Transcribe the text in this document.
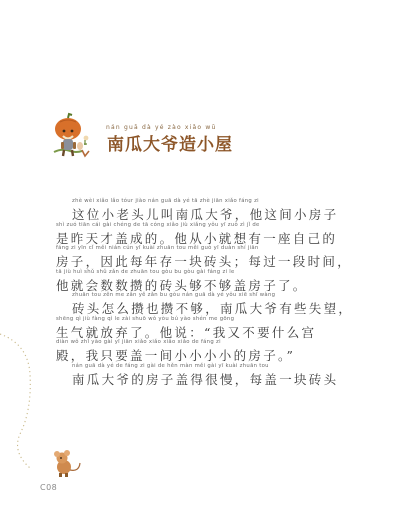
nán guā dà yé zào xiǎo wū
南瓜大爷造小屋
zhè wèi xiǎo lǎo tóur jiào nán guā dà yé tā zhè jiān xiǎo fáng zi
这位小老头儿叫南瓜大爷，他这间小房子
shì zuó tiān cái gài chéng de tā cóng xiǎo jiù xiǎng yǒu yī zuò zì jǐ de
是昨天才盖成的。他从小就想有一座自己的
fáng zi yīn cǐ měi nián cún yī kuài zhuān tou měi guò yī duàn shí jiān
房子，因此每年存一块砖头；每过一段时间，
tā jiù huì shǔ shǔ zǎn de zhuān tou gòu bu gòu gài fáng zi le
他就会数数攒的砖头够不够盖房子了。
zhuān tou zěn me zǎn yě zǎn bu gòu nán guā dà yé yǒu xiē shī wàng
砖头怎么攒也攒不够，南瓜大爷有些失望，
shēng qì jiù fàng qì le zài shuō wǒ yòu bú yào shén me gōng
生气就放弃了。他说：“我又不要什么宫
diàn wǒ zhǐ yào gài yī jiān xiǎo xiǎo xiǎo xiǎo de fáng zi
殿，我只要盖一间小小小小的房子。”
nán guā dà yé de fáng zi gài de hěn màn měi gài yī kuài zhuān tou
南瓜大爷的房子盖得很慢，每盖一块砖头
C08
